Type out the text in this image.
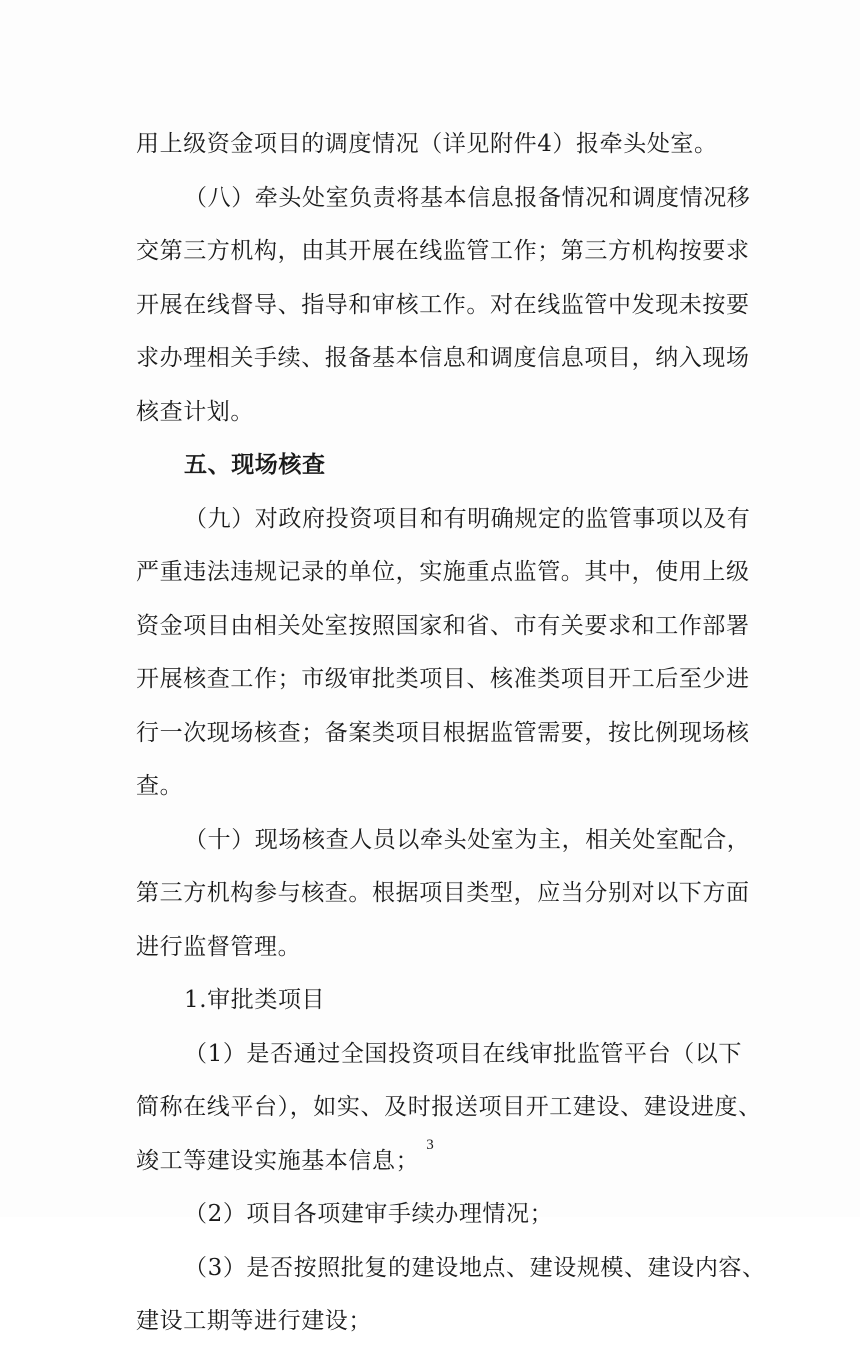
用上级资金项目的调度情况（详见附件4）报牵头处室。
（八）牵头处室负责将基本信息报备情况和调度情况移
交第三方机构，由其开展在线监管工作；第三方机构按要求
开展在线督导、指导和审核工作。对在线监管中发现未按要
求办理相关手续、报备基本信息和调度信息项目，纳入现场
核查计划。
五、现场核查
（九）对政府投资项目和有明确规定的监管事项以及有
严重违法违规记录的单位，实施重点监管。其中，使用上级
资金项目由相关处室按照国家和省、市有关要求和工作部署
开展核查工作；市级审批类项目、核准类项目开工后至少进
行一次现场核查；备案类项目根据监管需要，按比例现场核
查。
（十）现场核查人员以牵头处室为主，相关处室配合，
第三方机构参与核查。根据项目类型，应当分别对以下方面
进行监督管理。
1.审批类项目
（1）是否通过全国投资项目在线审批监管平台（以下
简称在线平台），如实、及时报送项目开工建设、建设进度、
竣工等建设实施基本信息；
（2）项目各项建审手续办理情况；
（3）是否按照批复的建设地点、建设规模、建设内容、
建设工期等进行建设；
3
